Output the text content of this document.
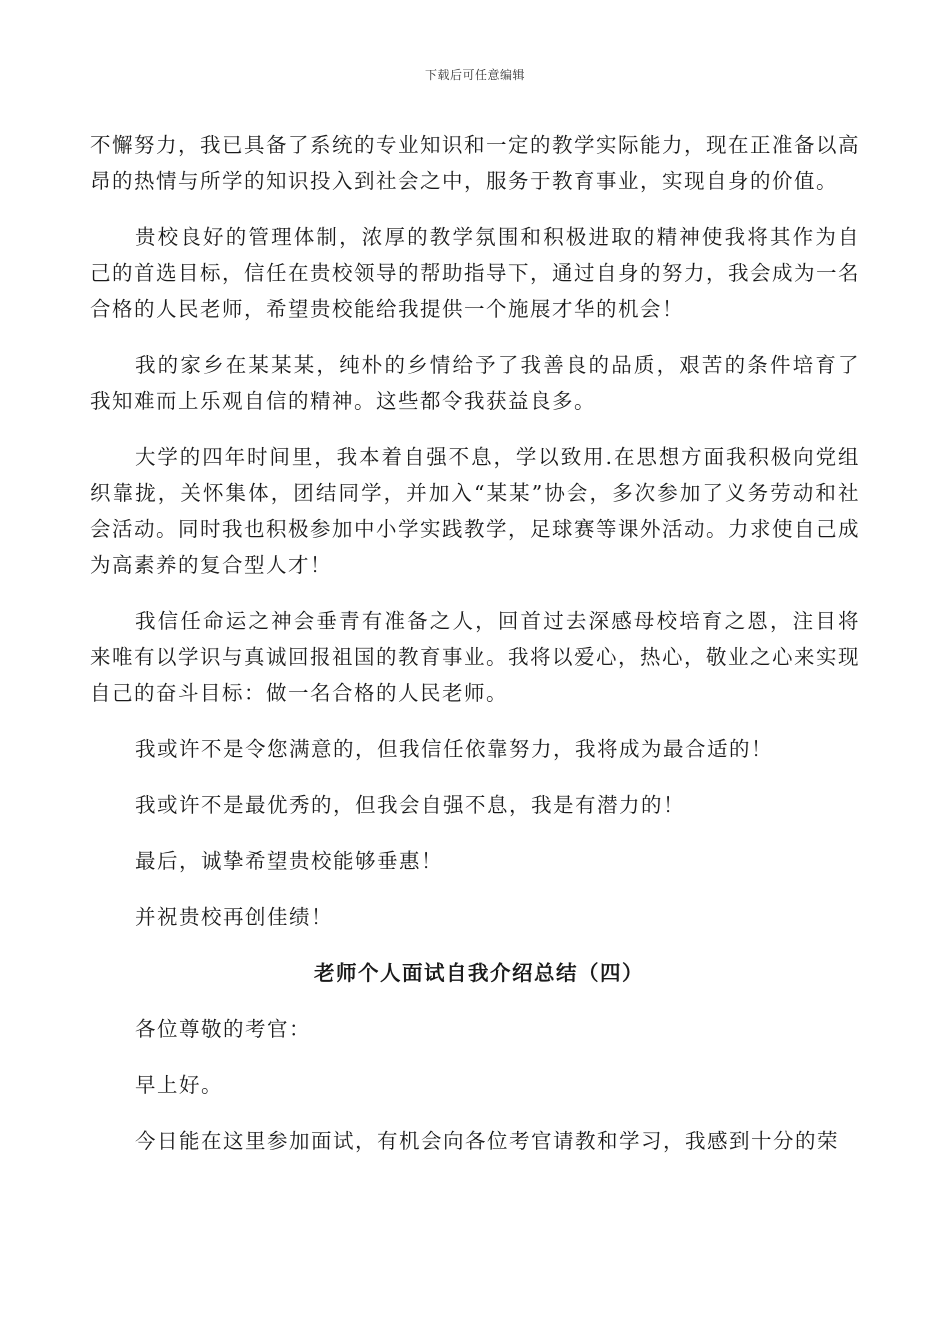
下载后可任意编辑

不懈努力，我已具备了系统的专业知识和一定的教学实际能力，现在正准备以高昂的热情与所学的知识投入到社会之中，服务于教育事业，实现自身的价值。

贵校良好的管理体制，浓厚的教学氛围和积极进取的精神使我将其作为自己的首选目标，信任在贵校领导的帮助指导下，通过自身的努力，我会成为一名合格的人民老师，希望贵校能给我提供一个施展才华的机会！

我的家乡在某某某，纯朴的乡情给予了我善良的品质，艰苦的条件培育了我知难而上乐观自信的精神。这些都令我获益良多。

大学的四年时间里，我本着自强不息，学以致用.在思想方面我积极向党组织靠拢，关怀集体，团结同学，并加入“某某”协会，多次参加了义务劳动和社会活动。同时我也积极参加中小学实践教学，足球赛等课外活动。力求使自己成为高素养的复合型人才！

我信任命运之神会垂青有准备之人，回首过去深感母校培育之恩，注目将来唯有以学识与真诚回报祖国的教育事业。我将以爱心，热心，敬业之心来实现自己的奋斗目标：做一名合格的人民老师。

我或许不是令您满意的，但我信任依靠努力，我将成为最合适的！

我或许不是最优秀的，但我会自强不息，我是有潜力的！

最后，诚挚希望贵校能够垂惠！

并祝贵校再创佳绩！

老师个人面试自我介绍总结（四）

各位尊敬的考官：

早上好。

今日能在这里参加面试，有机会向各位考官请教和学习，我感到十分的荣
